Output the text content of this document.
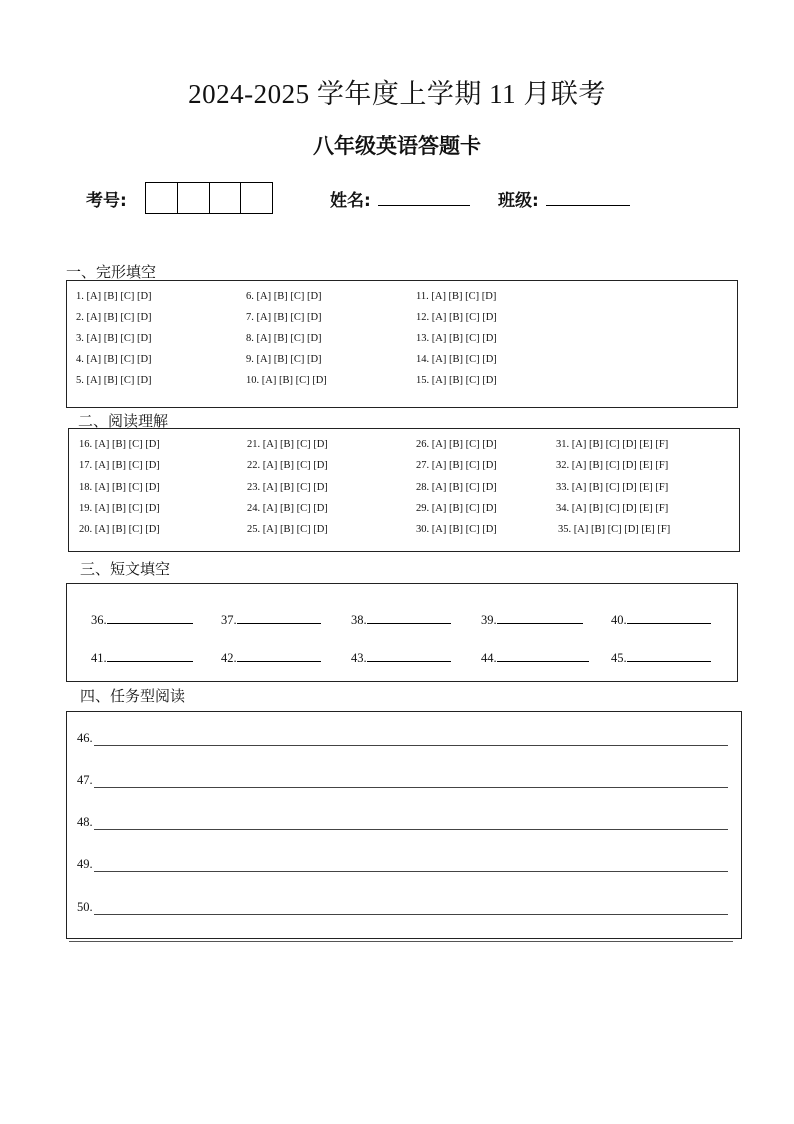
2024-2025 学年度上学期 11 月联考
八年级英语答题卡
考号:	姓名:	班级:
一、完形填空
1. [A] [B] [C] [D]
2. [A] [B] [C] [D]
3. [A] [B] [C] [D]
4. [A] [B] [C] [D]
5. [A] [B] [C] [D]
6. [A] [B] [C] [D]
7. [A] [B] [C] [D]
8. [A] [B] [C] [D]
9. [A] [B] [C] [D]
10. [A] [B] [C] [D]
11. [A] [B] [C] [D]
12. [A] [B] [C] [D]
13. [A] [B] [C] [D]
14. [A] [B] [C] [D]
15. [A] [B] [C] [D]
二、阅读理解
16. [A] [B] [C] [D]
17. [A] [B] [C] [D]
18. [A] [B] [C] [D]
19. [A] [B] [C] [D]
20. [A] [B] [C] [D]
21. [A] [B] [C] [D]
22. [A] [B] [C] [D]
23. [A] [B] [C] [D]
24. [A] [B] [C] [D]
25. [A] [B] [C] [D]
26. [A] [B] [C] [D]
27. [A] [B] [C] [D]
28. [A] [B] [C] [D]
29. [A] [B] [C] [D]
30. [A] [B] [C] [D]
31. [A] [B] [C] [D] [E] [F]
32. [A] [B] [C] [D] [E] [F]
33. [A] [B] [C] [D] [E] [F]
34. [A] [B] [C] [D] [E] [F]
35. [A] [B] [C] [D] [E] [F]
三、短文填空
36.	37.	38.	39.	40.
41.	42.	43.	44.	45.
四、任务型阅读
46.
47.
48.
49.
50.
